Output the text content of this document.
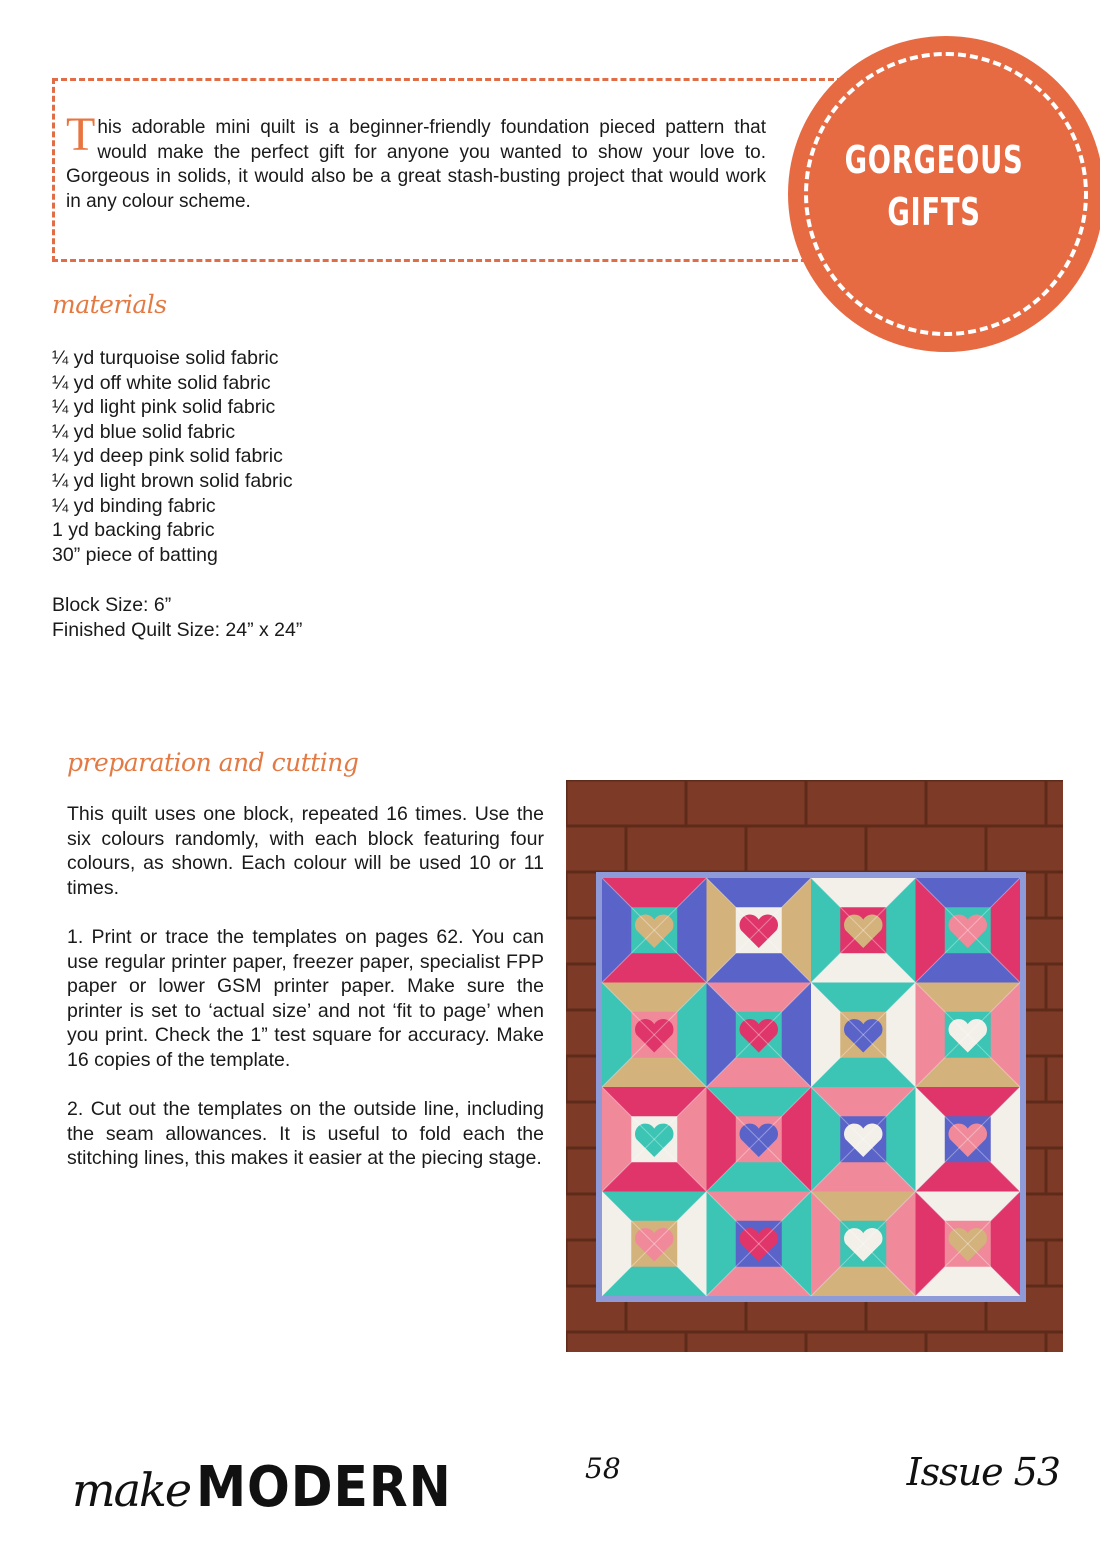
This adorable mini quilt is a beginner-friendly foundation pieced pattern that would make the perfect gift for anyone you wanted to show your love to. Gorgeous in solids, it would also be a great stash-busting project that would work in any colour scheme.
GORGEOUS
GIFTS
materials
¼ yd turquoise solid fabric
¼ yd off white solid fabric
¼ yd light pink solid fabric
¼ yd blue solid fabric
¼ yd deep pink solid fabric
¼ yd light brown solid fabric
¼ yd binding fabric
1 yd backing fabric
30” piece of batting
Block Size: 6”
Finished Quilt Size: 24” x 24”
preparation and cutting

This quilt uses one block, repeated 16 times. Use the six colours randomly, with each block featuring four colours, as shown. Each colour will be used 10 or 11 times.

1. Print or trace the templates on pages 62. You can use regular printer paper, freezer paper, specialist FPP paper or lower GSM printer paper. Make sure the printer is set to ‘actual size’ and not ‘fit to page’ when you print. Check the 1” test square for accuracy. Make 16 copies of the template.

2. Cut out the templates on the outside line, including the seam allowances. It is useful to fold each the stitching lines, this makes it easier at the piecing stage.

make MODERN	58	Issue 53
